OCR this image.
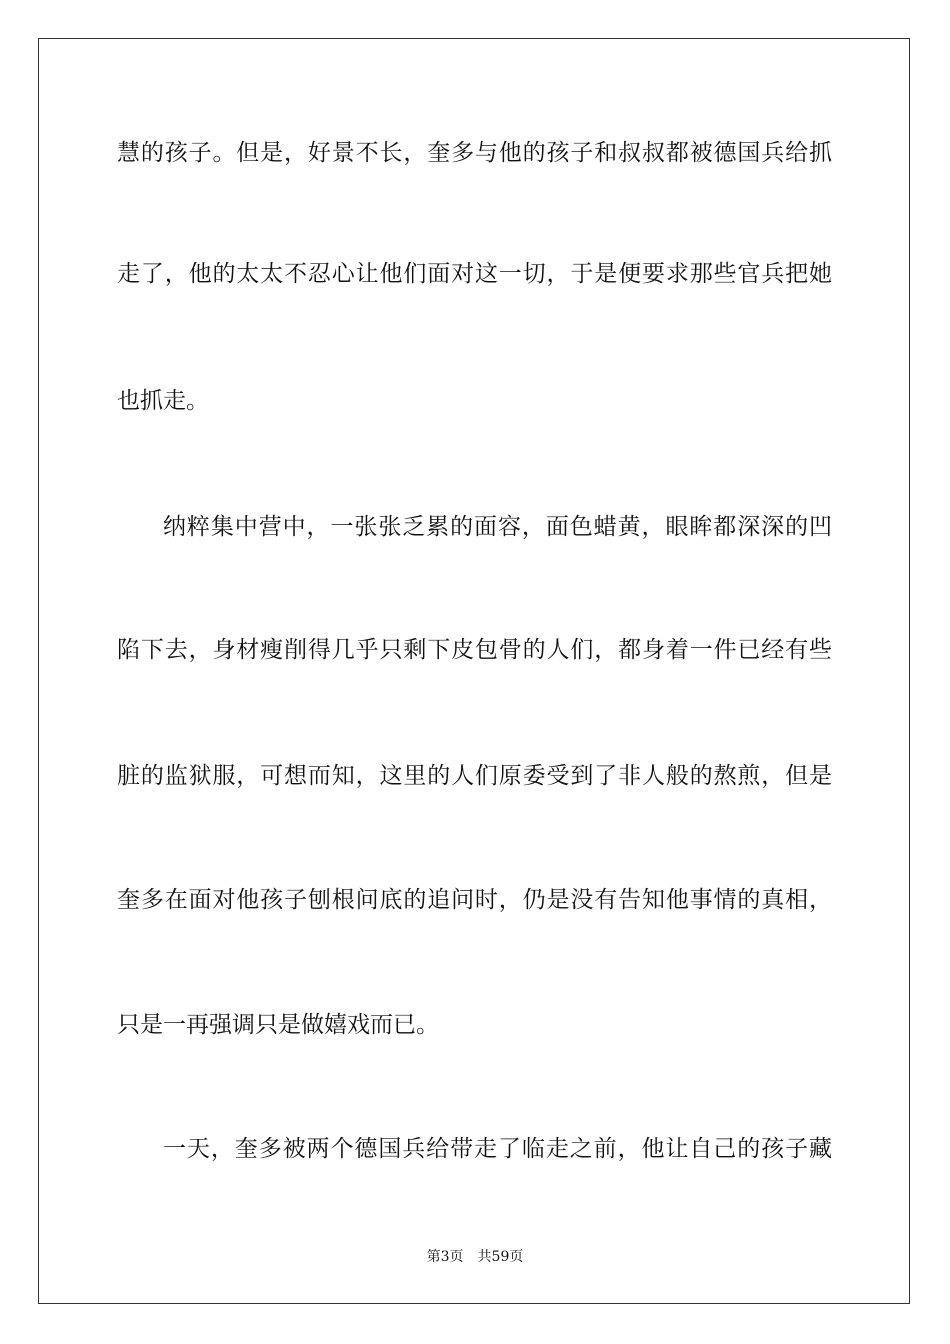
慧的孩子。但是，好景不长，奎多与他的孩子和叔叔都被德国兵给抓
走了，他的太太不忍心让他们面对这一切，于是便要求那些官兵把她
也抓走。
纳粹集中营中，一张张乏累的面容，面色蜡黄，眼眸都深深的凹
陷下去，身材瘦削得几乎只剩下皮包骨的人们，都身着一件已经有些
脏的监狱服，可想而知，这里的人们原委受到了非人般的熬煎，但是
奎多在面对他孩子刨根问底的追问时，仍是没有告知他事情的真相，
只是一再强调只是做嬉戏而已。
一天，奎多被两个德国兵给带走了临走之前，他让自己的孩子藏
第3页　共59页
